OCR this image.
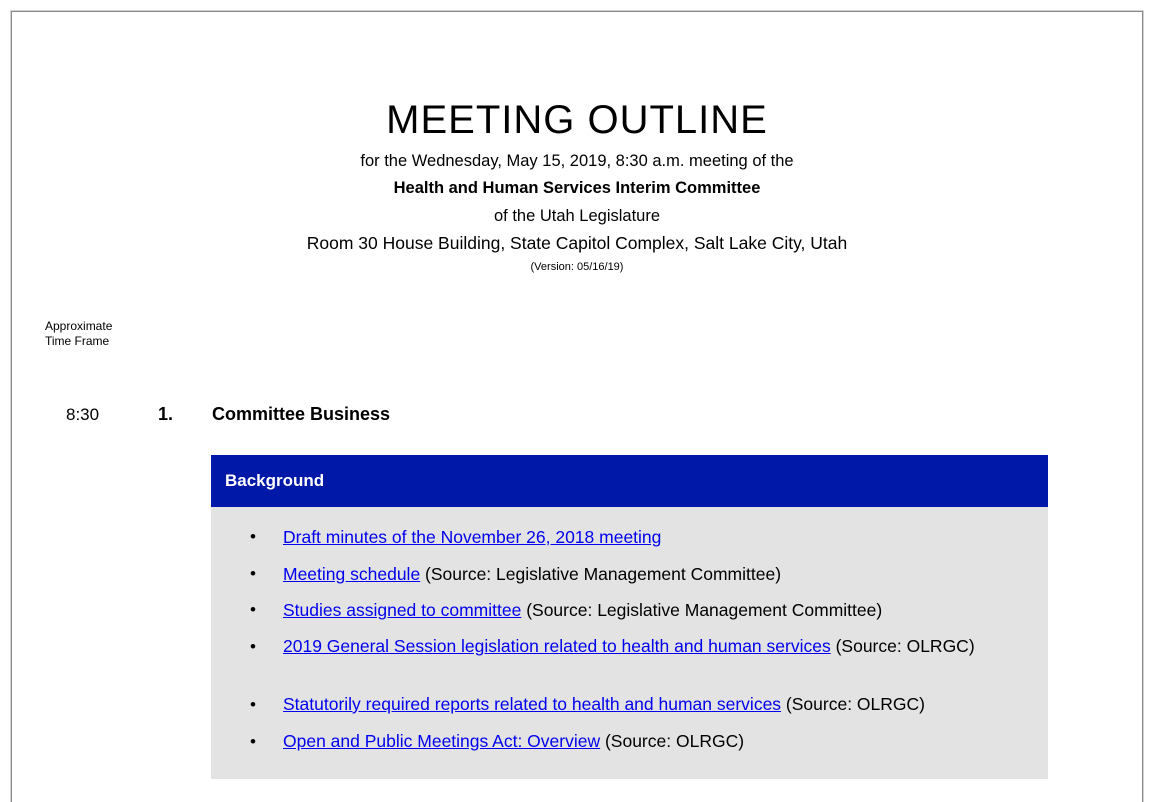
MEETING OUTLINE
for the Wednesday, May 15, 2019, 8:30 a.m. meeting of the
Health and Human Services Interim Committee
of the Utah Legislature
Room 30 House Building, State Capitol Complex, Salt Lake City, Utah
(Version: 05/16/19)
Approximate
Time Frame
8:30	1. Committee Business
Background
• Draft minutes of the November 26, 2018 meeting
• Meeting schedule (Source: Legislative Management Committee)
• Studies assigned to committee (Source: Legislative Management Committee)
• 2019 General Session legislation related to health and human services (Source: OLRGC)
• Statutorily required reports related to health and human services (Source: OLRGC)
• Open and Public Meetings Act: Overview (Source: OLRGC)
